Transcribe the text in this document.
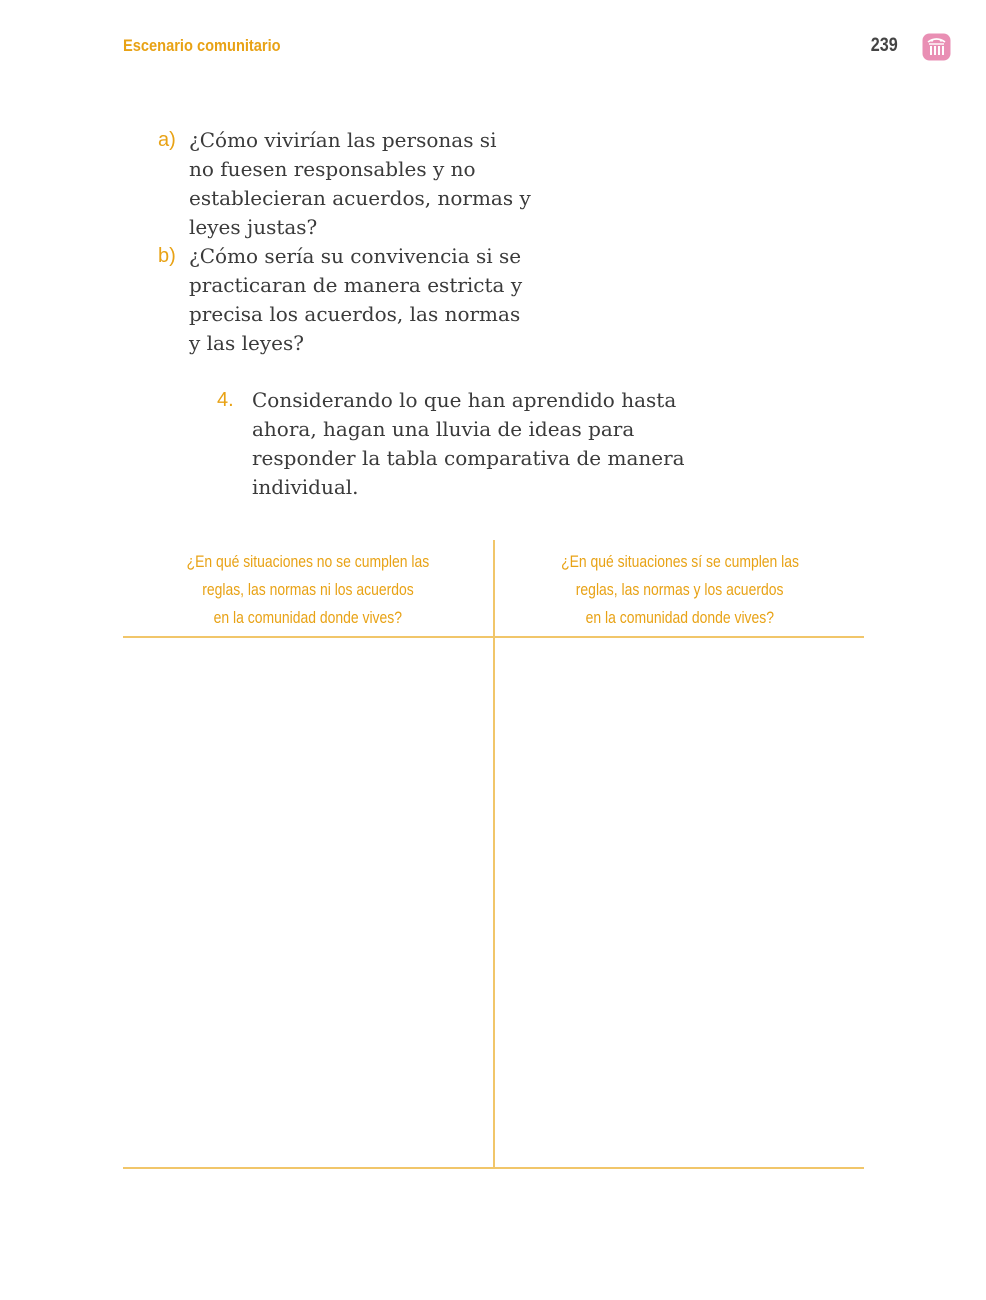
Escenario comunitario	239
a) ¿Cómo vivirían las personas si
no fuesen responsables y no
establecieran acuerdos, normas y
leyes justas?
b) ¿Cómo sería su convivencia si se
practicaran de manera estricta y
precisa los acuerdos, las normas
y las leyes?
4. Considerando lo que han aprendido hasta
ahora, hagan una lluvia de ideas para
responder la tabla comparativa de manera
individual.
¿En qué situaciones no se cumplen las
reglas, las normas ni los acuerdos
en la comunidad donde vives?
¿En qué situaciones sí se cumplen las
reglas, las normas y los acuerdos
en la comunidad donde vives?
